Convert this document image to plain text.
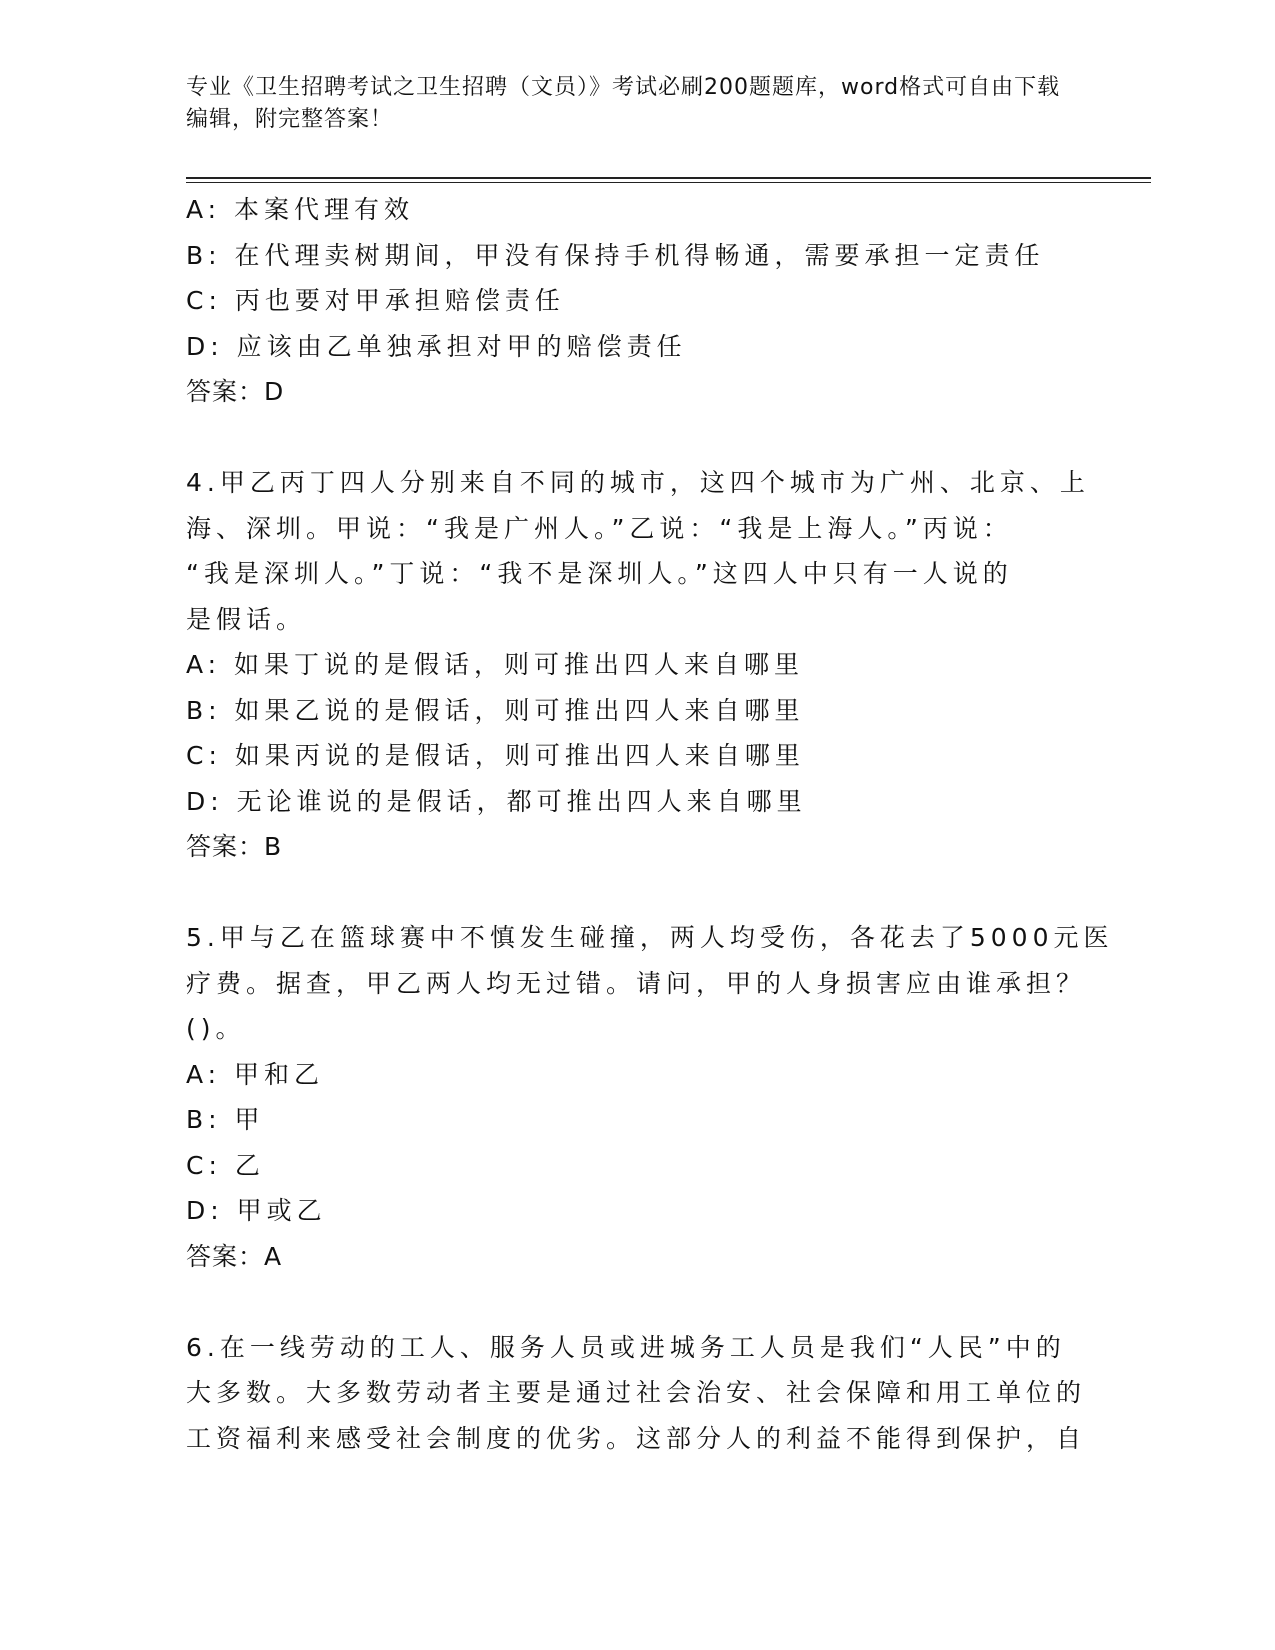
专业《卫生招聘考试之卫生招聘（文员）》考试必刷200题题库，word格式可自由下载编辑，附完整答案！
A: 本案代理有效
B: 在代理卖树期间，甲没有保持手机得畅通，需要承担一定责任
C: 丙也要对甲承担赔偿责任
D: 应该由乙单独承担对甲的赔偿责任
答案：D
4.甲乙丙丁四人分别来自不同的城市，这四个城市为广州、北京、上
海、深圳。甲说：“我是广州人。”乙说：“我是上海人。”丙说：
“我是深圳人。”丁说：“我不是深圳人。”这四人中只有一人说的
是假话。
A: 如果丁说的是假话，则可推出四人来自哪里
B: 如果乙说的是假话，则可推出四人来自哪里
C: 如果丙说的是假话，则可推出四人来自哪里
D: 无论谁说的是假话，都可推出四人来自哪里
答案：B
5.甲与乙在篮球赛中不慎发生碰撞，两人均受伤，各花去了5000元医
疗费。据查，甲乙两人均无过错。请问，甲的人身损害应由谁承担？
()。
A: 甲和乙
B: 甲
C: 乙
D: 甲或乙
答案：A
6.在一线劳动的工人、服务人员或进城务工人员是我们“人民”中的
大多数。大多数劳动者主要是通过社会治安、社会保障和用工单位的
工资福利来感受社会制度的优劣。这部分人的利益不能得到保护，自
